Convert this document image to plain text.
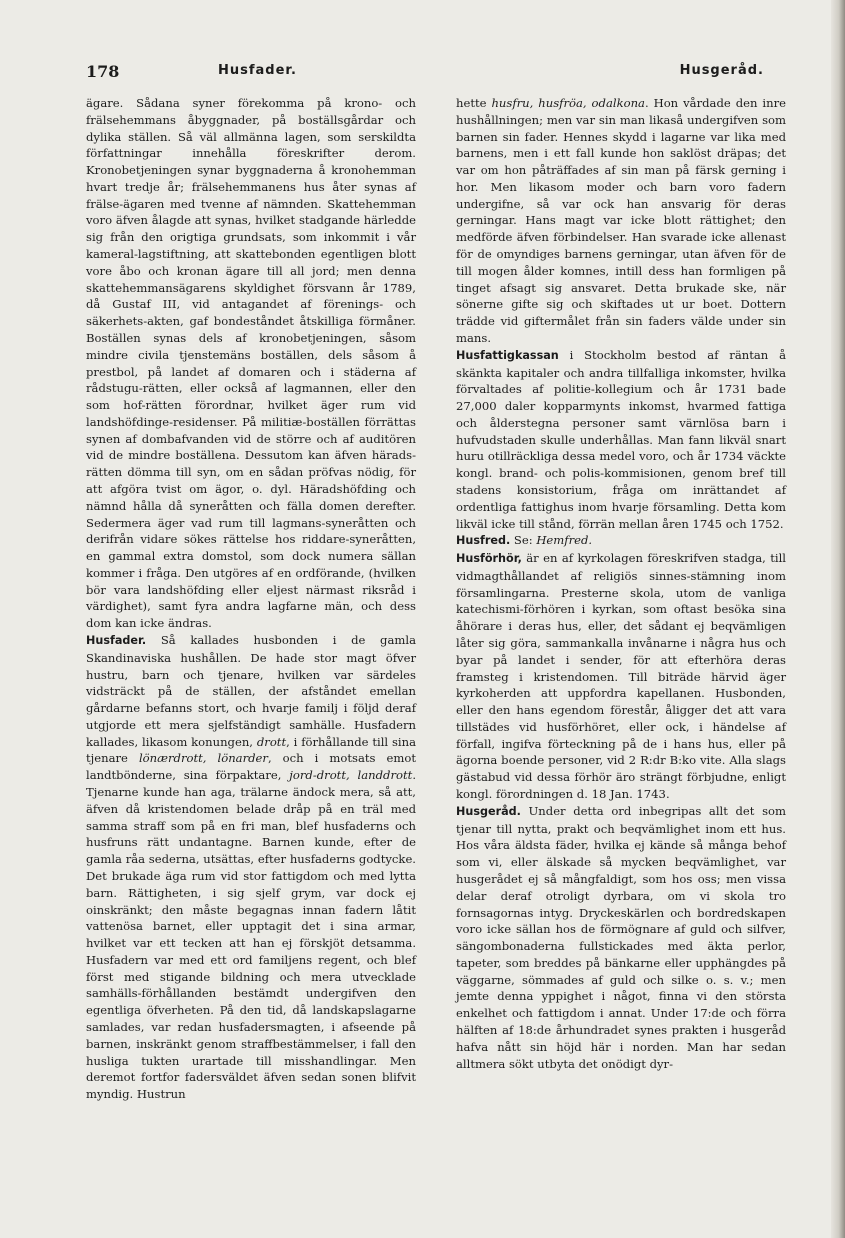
178	Husfader.	Husgeråd.

ägare. Sådana syner förekomma på krono- och frälsehemmans åbyggnader, på boställsgårdar och dylika ställen. Så väl allmänna lagen, som serskildta författningar innehålla föreskrifter derom. Kronobetjeningen synar byggnaderna å kronohemman hvart tredje år; frälsehemmanens hus åter synas af frälse-ägaren med tvenne af nämnden. Skattehemman voro äfven ålagde att synas, hvilket stadgande härledde sig från den origtiga grundsats, som inkommit i vår kameral-lagstiftning, att skattebonden egentligen blott vore åbo och kronan ägare till all jord; men denna skattehemmansägarens skyldighet försvann år 1789, då Gustaf III, vid antagandet af förenings- och säkerhets-akten, gaf bondeståndet åtskilliga förmåner. Boställen synas dels af kronobetjeningen, såsom mindre civila tjenstemäns boställen, dels såsom å prestbol, på landet af domaren och i städerna af rådstugu-rätten, eller också af lagmannen, eller den som hof-rätten förordnar, hvilket äger rum vid landshöfdinge-residenser. På militiæ-boställen förrättas synen af dombafvanden vid de större och af auditören vid de mindre boställena. Dessutom kan äfven härads-rätten dömma till syn, om en sådan pröfvas nödig, för att afgöra tvist om ägor, o. dyl. Häradshöfding och nämnd hålla då syneråtten och fälla domen derefter. Sedermera äger vad rum till lagmans-syneråtten och derifrån vidare sökes rättelse hos riddare-syneråtten, en gammal extra domstol, som dock numera sällan kommer i fråga. Den utgöres af en ordförande, (hvilken bör vara landshöfding eller eljest närmast riksråd i värdighet), samt fyra andra lagfarne män, och dess dom kan icke ändras.

Husfader. Så kallades husbonden i de gamla Skandinaviska hushållen. De hade stor magt öfver hustru, barn och tjenare, hvilken var särdeles vidsträckt på de ställen, der afståndet emellan gårdarne befanns stort, och hvarje familj i följd deraf utgjorde ett mera sjelfständigt samhälle. Husfadern kallades, likasom konungen, drott, i förhållande till sina tjenare lönærdrott, lönarder, och i motsats emot landtbönderne, sina förpaktare, jord-drott, landdrott. Tjenarne kunde han aga, trälarne ändock mera, så att, äfven då kristendomen belade dråp på en träl med samma straff som på en fri man, blef husfaderns och husfruns rätt undantagne. Barnen kunde, efter de gamla råa sederna, utsättas, efter husfaderns godtycke. Det brukade äga rum vid stor fattigdom och med lytta barn. Rättigheten, i sig sjelf grym, var dock ej oinskränkt; den måste begagnas innan fadern låtit vattenösa barnet, eller upptagit det i sina armar, hvilket var ett tecken att han ej förskjöt detsamma. Husfadern var med ett ord familjens regent, och blef först med stigande bildning och mera utvecklade samhälls-förhållanden bestämdt undergifven den egentliga öfverheten. På den tid, då landskapslagarne samlades, var redan husfadersmagten, i afseende på barnen, inskränkt genom straffbestämmelser, i fall den husliga tukten urartade till misshandlingar. Men deremot fortfor fadersväldet äfven sedan sonen blifvit myndig. Hustrun

hette husfru, husfröa, odalkona. Hon vårdade den inre hushållningen; men var sin man likaså undergifven som barnen sin fader. Hennes skydd i lagarne var lika med barnens, men i ett fall kunde hon saklöst dräpas; det var om hon påträffades af sin man på färsk gerning i hor. Men likasom moder och barn voro fadern undergifne, så var ock han ansvarig för deras gerningar. Hans magt var icke blott rättighet; den medförde äfven förbindelser. Han svarade icke allenast för de omyndiges barnens gerningar, utan äfven för de till mogen ålder komnes, intill dess han formligen på tinget afsagt sig ansvaret. Detta brukade ske, när sönerne gifte sig och skiftades ut ur boet. Dottern trädde vid giftermålet från sin faders välde under sin mans.

Husfattigkassan i Stockholm bestod af räntan å skänkta kapitaler och andra tillfalliga inkomster, hvilka förvaltades af politie-kollegium och år 1731 bade 27,000 daler kopparmynts inkomst, hvarmed fattiga och ålderstegna personer samt värnlösa barn i hufvudstaden skulle underhållas. Man fann likväl snart huru otillräckliga dessa medel voro, och år 1734 väckte kongl. brand- och polis-kommisionen, genom bref till stadens konsistorium, fråga om inrättandet af ordentliga fattighus inom hvarje församling. Detta kom likväl icke till stånd, förrän mellan åren 1745 och 1752.

Husfred. Se: Hemfred.

Husförhör, är en af kyrkolagen föreskrifven stadga, till vidmagthållandet af religiös sinnes-stämning inom församlingarna. Presterne skola, utom de vanliga katechismi-förhören i kyrkan, som oftast besöka sina åhörare i deras hus, eller, det sådant ej beqvämligen låter sig göra, sammankalla invånarne i några hus och byar på landet i sender, för att efterhöra deras framsteg i kristendomen. Till biträde härvid äger kyrkoherden att uppfordra kapellanen. Husbonden, eller den hans egendom förestår, åligger det att vara tillstädes vid husförhöret, eller ock, i händelse af förfall, ingifva förteckning på de i hans hus, eller på ägorna boende personer, vid 2 R:dr B:ko vite. Alla slags gästabud vid dessa förhör äro strängt förbjudne, enligt kongl. förordningen d. 18 Jan. 1743.

Husgeråd. Under detta ord inbegripas allt det som tjenar till nytta, prakt och beqvämlighet inom ett hus. Hos våra äldsta fäder, hvilka ej kände så många behof som vi, eller älskade så mycken beqvämlighet, var husgerådet ej så mångfaldigt, som hos oss; men vissa delar deraf otroligt dyrbara, om vi skola tro fornsagornas intyg. Dryckeskärlen och bordredskapen voro icke sällan hos de förmögnare af guld och silfver, sängombonaderna fullstickades med äkta perlor, tapeter, som breddes på bänkarne eller upphängdes på väggarne, sömmades af guld och silke o. s. v.; men jemte denna yppighet i något, finna vi den största enkelhet och fattigdom i annat. Under 17:de och förra hälften af 18:de århundradet synes prakten i husgeråd hafva nått sin höjd här i norden. Man har sedan alltmera sökt utbyta det onödigt dyr-
